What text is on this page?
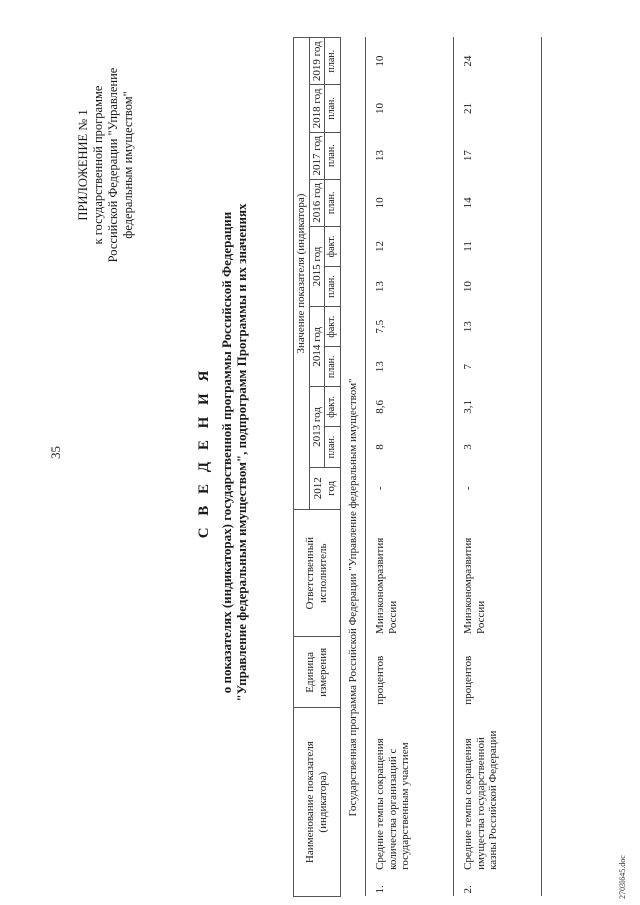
35
ПРИЛОЖЕНИЕ № 1 к государственной программе Российской Федерации "Управление федеральным имуществом"
С В Е Д Е Н И Я о показателях (индикаторах) государственной программы Российской Федерации "Управление федеральным имуществом", подпрограмм Программы и их значениях
Наименование показателя (индикатора)		Единица измерения	Ответственный исполнитель	Значение показателя (индикатора)										
				2012 год	2013 год		2014 год		2015 год		2016 год	2017 год	2018 год	2019 год
					план.	факт.	план.	факт.	план.	факт.	план.	план.	план.	план.
Государственная программа Российской Федерации "Управление федеральным имуществом"														
1.	Средние темпы сокращения количества организаций с государственным участием	процентов	Минэкономразвития России	-	8	8,6	13	7,5	13	12	10	13	10	10
2.	Средние темпы сокращения имущества государственной казны Российской Федерации	процентов	Минэкономразвития России	-	3	3,1	7	13	10	11	14	17	21	24
2703l645.doc
